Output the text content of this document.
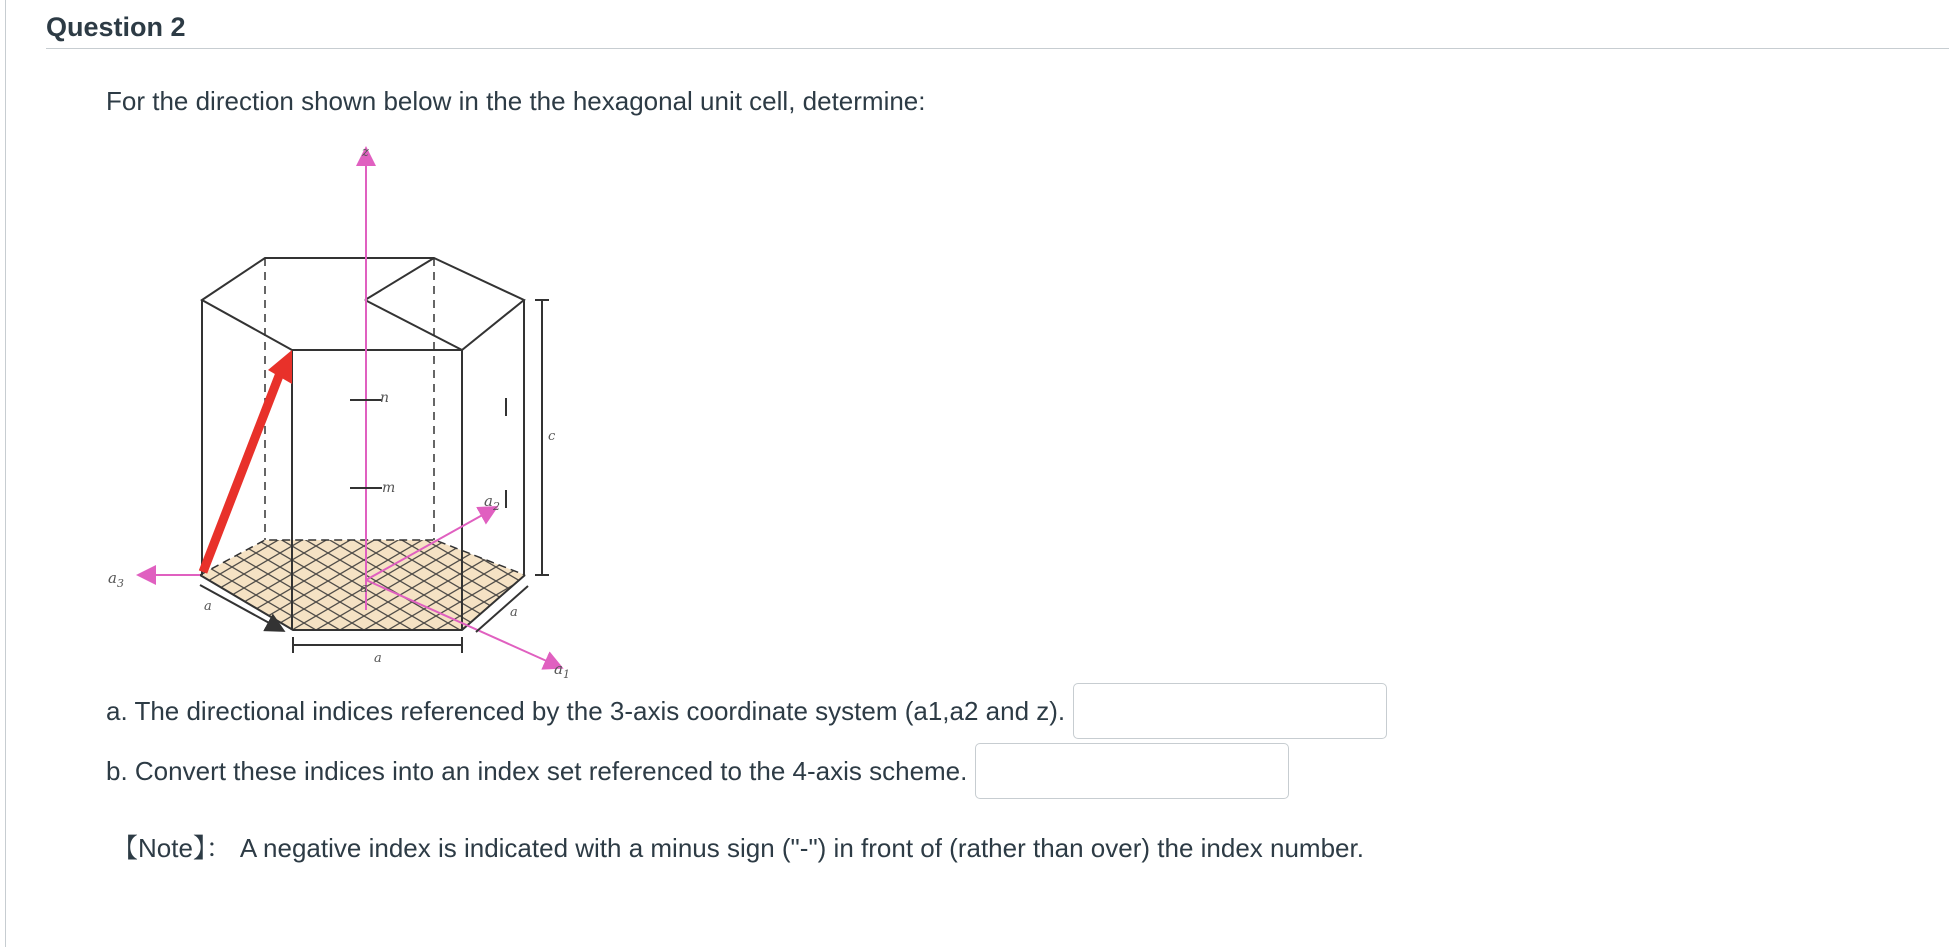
Question 2
For the direction shown below in the the hexagonal unit cell, determine:
z
n
m
c
$a_3$
$a_2$
$a_1$
a
a
a
a
a. The directional indices referenced by the 3-axis coordinate system (a1,a2 and z).
b. Convert these indices into an index set referenced to the 4-axis scheme.
【Note】： A negative index is indicated with a minus sign ("-") in front of (rather than over) the index number.
